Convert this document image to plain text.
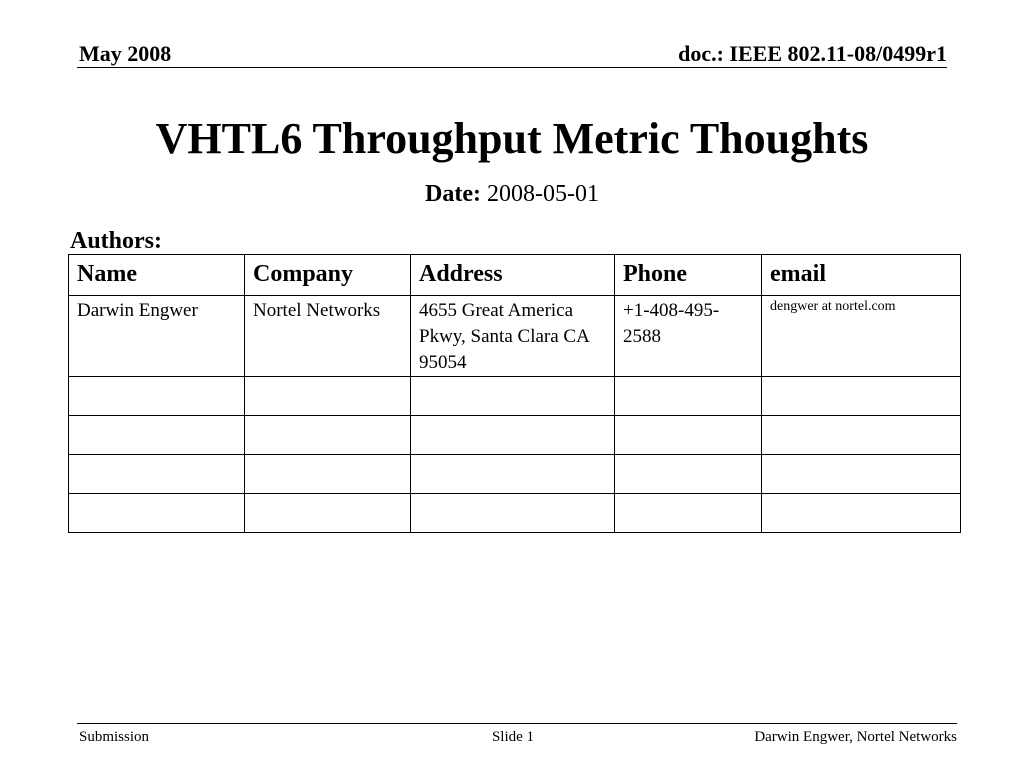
May 2008	doc.: IEEE 802.11-08/0499r1
VHTL6 Throughput Metric Thoughts
Date: 2008-05-01
Authors:
Name	Company	Address	Phone	email
Darwin Engwer	Nortel Networks	4655 Great America Pkwy, Santa Clara CA 95054	+1-408-495-2588	dengwer at nortel.com

Submission	Slide 1	Darwin Engwer, Nortel Networks
